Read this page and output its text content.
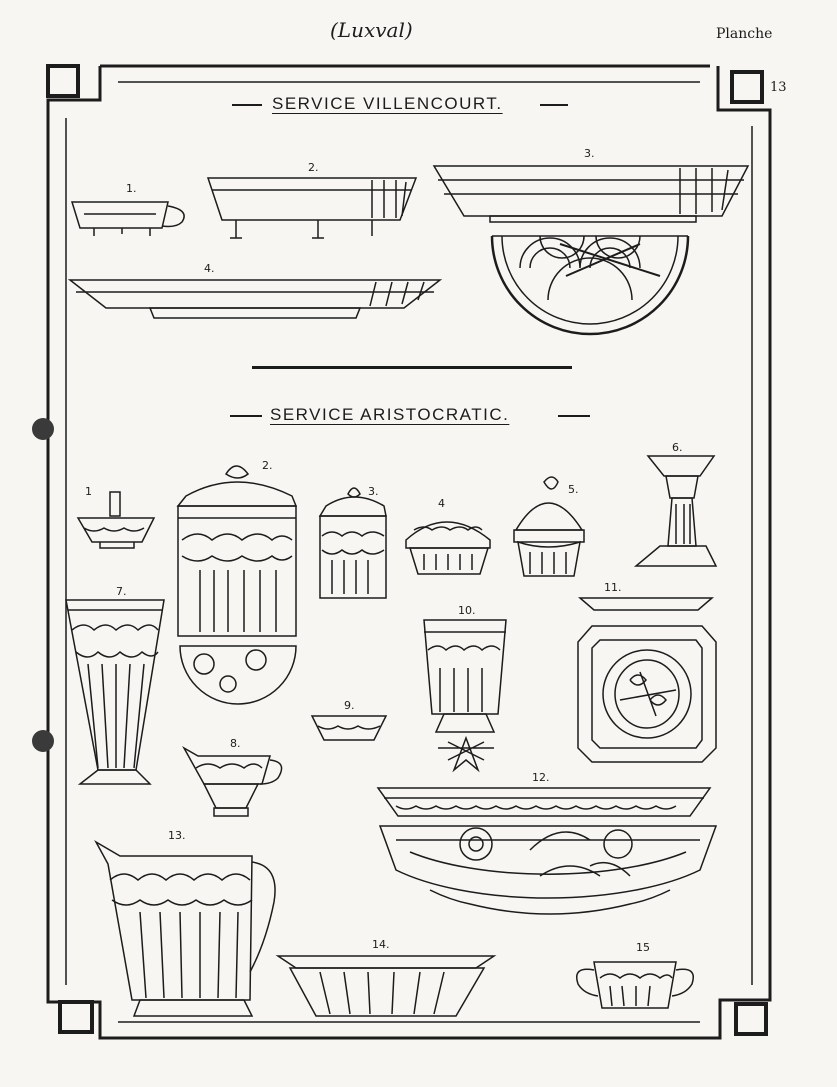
(Luxval)	Planche
13
SERVICE VILLENCOURT.
SERVICE ARISTOCRATIC.
1.
2.
3.
4.
1
2.
3.
4
5.
6.
7.
8.
9.
10.
11.
12.
13.
14.	15
